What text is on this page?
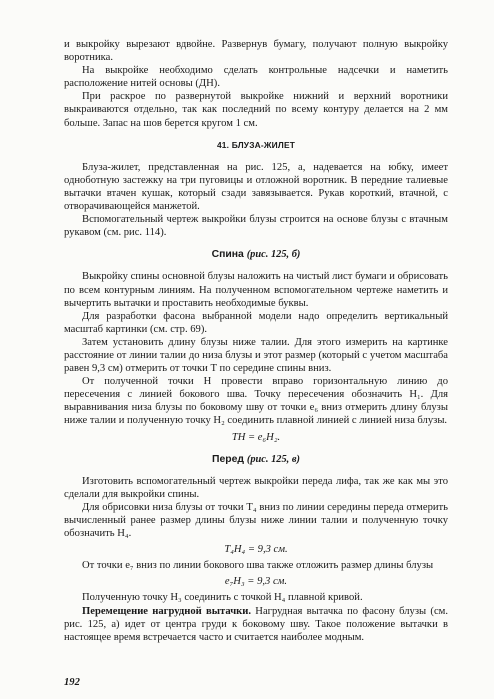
и выкройку вырезают вдвойне. Развернув бумагу, получают полную выкройку воротника.

На выкройке необходимо сделать контрольные надсечки и наметить расположение нитей основы (ДН).

При раскрое по развернутой выкройке нижний и верхний воротники выкраиваются отдельно, так как последний по всему контуру делается на 2 мм больше. Запас на шов берется кругом 1 см.

41. БЛУЗА-ЖИЛЕТ

Блуза-жилет, представленная на рис. 125, а, надевается на юбку, имеет одноботную застежку на три пуговицы и отложной воротник. В передние талиевые вытачки втачен кушак, который сзади завязывается. Рукав короткий, втачной, с отворачивающейся манжетой.

Вспомогательный чертеж выкройки блузы строится на основе блузы с втачным рукавом (см. рис. 114).

Спина (рис. 125, б)

Выкройку спины основной блузы наложить на чистый лист бумаги и обрисовать по всем контурным линиям. На полученном вспомогательном чертеже наметить и вычертить вытачки и проставить необходимые буквы.

Для разработки фасона выбранной модели надо определить вертикальный масштаб картинки (см. стр. 69).

Затем установить длину блузы ниже талии. Для этого измерить на картинке расстояние от линии талии до низа блузы и этот размер (который с учетом масштаба равен 9,3 см) отмерить от точки Т по середине спины вниз.

От полученной точки Н провести вправо горизонтальную линию до пересечения с линией бокового шва. Точку пересечения обозначить Н₁. Для выравнивания низа блузы по боковому шву от точки е₆ вниз отмерить длину блузы ниже талии и полученную точку Н₂ соединить плавной линией с линией низа блузы.

ТН = е₆Н₂.
Перед (рис. 125, в)

Изготовить вспомогательный чертеж выкройки переда лифа, так же как мы это сделали для выкройки спины.

Для обрисовки низа блузы от точки Т₄ вниз по линии середины переда отмерить вычисленный ранее размер длины блузы ниже линии талии и полученную точку обозначить Н₄.

Т₄Н₄ = 9,3 см.

От точки е₇ вниз по линии бокового шва также отложить размер длины блузы

е₇Н₃ = 9,3 см.

Полученную точку Н₃ соединить с точкой Н₄ плавной кривой.

Перемещение нагрудной вытачки. Нагрудная вытачка по фасону блузы (см. рис. 125, а) идет от центра груди к боковому шву. Такое положение вытачки в настоящее время встречается часто и считается наиболее модным.

192
